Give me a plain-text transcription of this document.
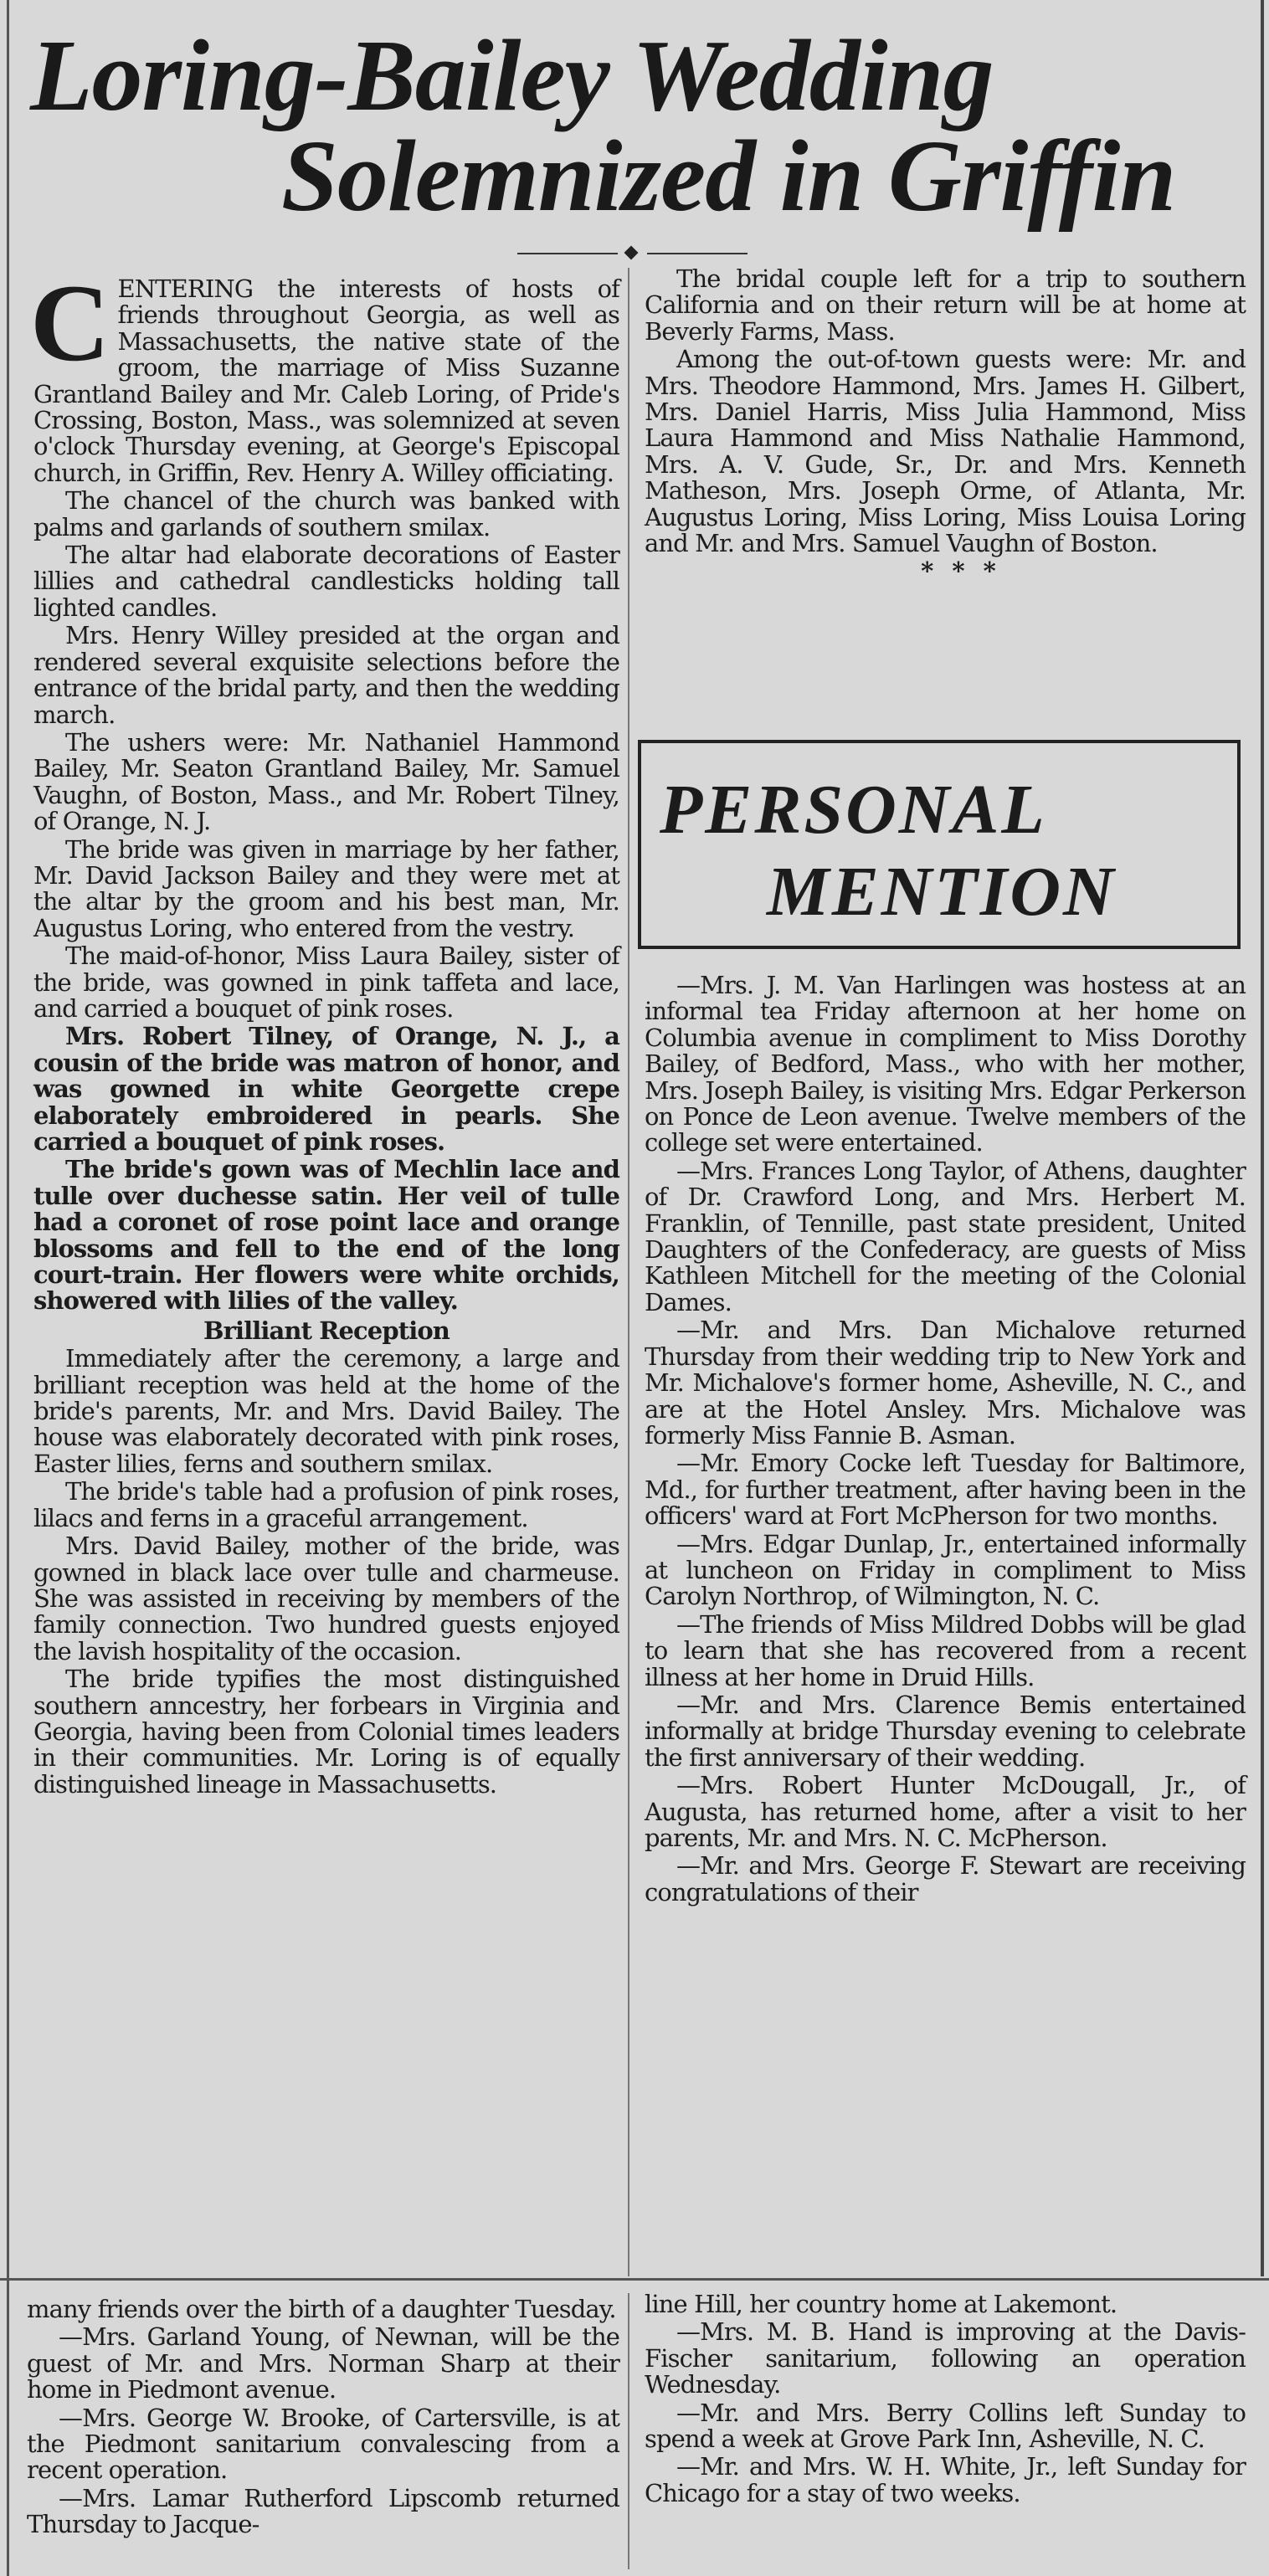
Loring-Bailey Wedding
Solemnized in Griffin

CENTERING the interests of hosts of friends throughout Georgia, as well as Massachusetts, the native state of the groom, the marriage of Miss Suzanne Grantland Bailey and Mr. Caleb Loring, of Pride's Crossing, Boston, Mass., was solemnized at seven o'clock Thursday evening, at George's Episcopal church, in Griffin, Rev. Henry A. Willey officiating.

The chancel of the church was banked with palms and garlands of southern smilax.

The altar had elaborate decorations of Easter lillies and cathedral candlesticks holding tall lighted candles.

Mrs. Henry Willey presided at the organ and rendered several exquisite selections before the entrance of the bridal party, and then the wedding march.

The ushers were: Mr. Nathaniel Hammond Bailey, Mr. Seaton Grantland Bailey, Mr. Samuel Vaughn, of Boston, Mass., and Mr. Robert Tilney, of Orange, N. J.

The bride was given in marriage by her father, Mr. David Jackson Bailey and they were met at the altar by the groom and his best man, Mr. Augustus Loring, who entered from the vestry.

The maid-of-honor, Miss Laura Bailey, sister of the bride, was gowned in pink taffeta and lace, and carried a bouquet of pink roses.

Mrs. Robert Tilney, of Orange, N. J., a cousin of the bride was matron of honor, and was gowned in white Georgette crepe elaborately embroidered in pearls. She carried a bouquet of pink roses.

The bride's gown was of Mechlin lace and tulle over duchesse satin. Her veil of tulle had a coronet of rose point lace and orange blossoms and fell to the end of the long court-train. Her flowers were white orchids, showered with lilies of the valley.

Brilliant Reception

Immediately after the ceremony, a large and brilliant reception was held at the home of the bride's parents, Mr. and Mrs. David Bailey. The house was elaborately decorated with pink roses, Easter lilies, ferns and southern smilax.

The bride's table had a profusion of pink roses, lilacs and ferns in a graceful arrangement.

Mrs. David Bailey, mother of the bride, was gowned in black lace over tulle and charmeuse. She was assisted in receiving by members of the family connection. Two hundred guests enjoyed the lavish hospitality of the occasion.

The bride typifies the most distinguished southern anncestry, her forbears in Virginia and Georgia, having been from Colonial times leaders in their communities. Mr. Loring is of equally distinguished lineage in Massachusetts.

The bridal couple left for a trip to southern California and on their return will be at home at Beverly Farms, Mass.

Among the out-of-town guests were: Mr. and Mrs. Theodore Hammond, Mrs. James H. Gilbert, Mrs. Daniel Harris, Miss Julia Hammond, Miss Laura Hammond and Miss Nathalie Hammond, Mrs. A. V. Gude, Sr., Dr. and Mrs. Kenneth Matheson, Mrs. Joseph Orme, of Atlanta, Mr. Augustus Loring, Miss Loring, Miss Louisa Loring and Mr. and Mrs. Samuel Vaughn of Boston.

* * *

PERSONAL
MENTION

—Mrs. J. M. Van Harlingen was hostess at an informal tea Friday afternoon at her home on Columbia avenue in compliment to Miss Dorothy Bailey, of Bedford, Mass., who with her mother, Mrs. Joseph Bailey, is visiting Mrs. Edgar Perkerson on Ponce de Leon avenue. Twelve members of the college set were entertained.

—Mrs. Frances Long Taylor, of Athens, daughter of Dr. Crawford Long, and Mrs. Herbert M. Franklin, of Tennille, past state president, United Daughters of the Confederacy, are guests of Miss Kathleen Mitchell for the meeting of the Colonial Dames.

—Mr. and Mrs. Dan Michalove returned Thursday from their wedding trip to New York and Mr. Michalove's former home, Asheville, N. C., and are at the Hotel Ansley. Mrs. Michalove was formerly Miss Fannie B. Asman.

—Mr. Emory Cocke left Tuesday for Baltimore, Md., for further treatment, after having been in the officers' ward at Fort McPherson for two months.

—Mrs. Edgar Dunlap, Jr., entertained informally at luncheon on Friday in compliment to Miss Carolyn Northrop, of Wilmington, N. C.

—The friends of Miss Mildred Dobbs will be glad to learn that she has recovered from a recent illness at her home in Druid Hills.

—Mr. and Mrs. Clarence Bemis entertained informally at bridge Thursday evening to celebrate the first anniversary of their wedding.

—Mrs. Robert Hunter McDougall, Jr., of Augusta, has returned home, after a visit to her parents, Mr. and Mrs. N. C. McPherson.

—Mr. and Mrs. George F. Stewart are receiving congratulations of their

many friends over the birth of a daughter Tuesday.

—Mrs. Garland Young, of Newnan, will be the guest of Mr. and Mrs. Norman Sharp at their home in Piedmont avenue.

—Mrs. George W. Brooke, of Cartersville, is at the Piedmont sanitarium convalescing from a recent operation.

—Mrs. Lamar Rutherford Lipscomb returned Thursday to Jacque-

line Hill, her country home at Lakemont.

—Mrs. M. B. Hand is improving at the Davis-Fischer sanitarium, following an operation Wednesday.

—Mr. and Mrs. Berry Collins left Sunday to spend a week at Grove Park Inn, Asheville, N. C.

—Mr. and Mrs. W. H. White, Jr., left Sunday for Chicago for a stay of two weeks.
